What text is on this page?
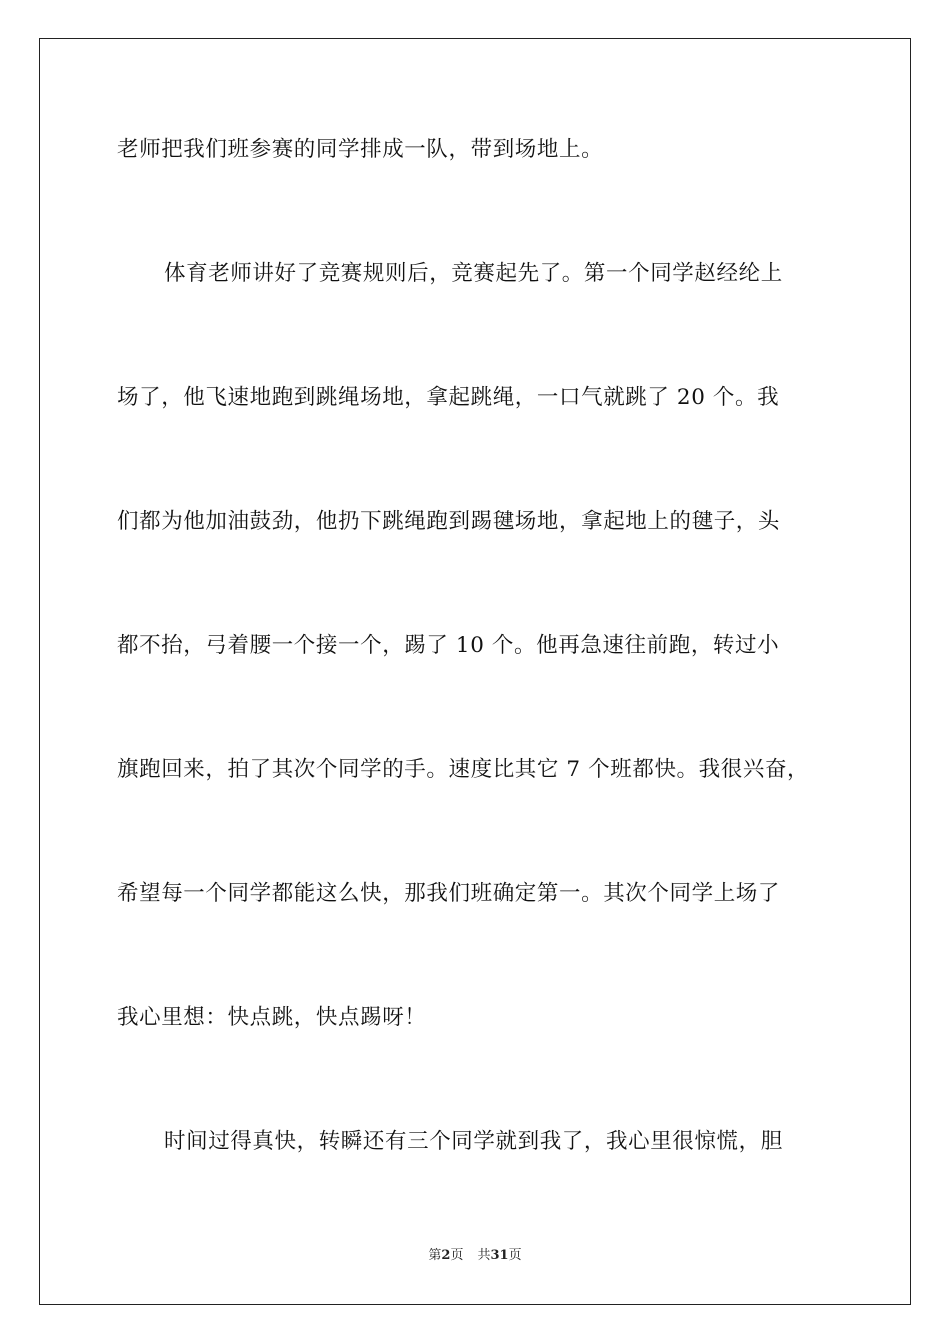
老师把我们班参赛的同学排成一队，带到场地上。
体育老师讲好了竞赛规则后，竞赛起先了。第一个同学赵经纶上
场了，他飞速地跑到跳绳场地，拿起跳绳，一口气就跳了 20 个。我
们都为他加油鼓劲，他扔下跳绳跑到踢毽场地，拿起地上的毽子，头
都不抬，弓着腰一个接一个，踢了 10 个。他再急速往前跑，转过小
旗跑回来，拍了其次个同学的手。速度比其它 7 个班都快。我很兴奋，
希望每一个同学都能这么快，那我们班确定第一。其次个同学上场了
我心里想：快点跳，快点踢呀！
时间过得真快，转瞬还有三个同学就到我了，我心里很惊慌，胆
第2页 共31页
